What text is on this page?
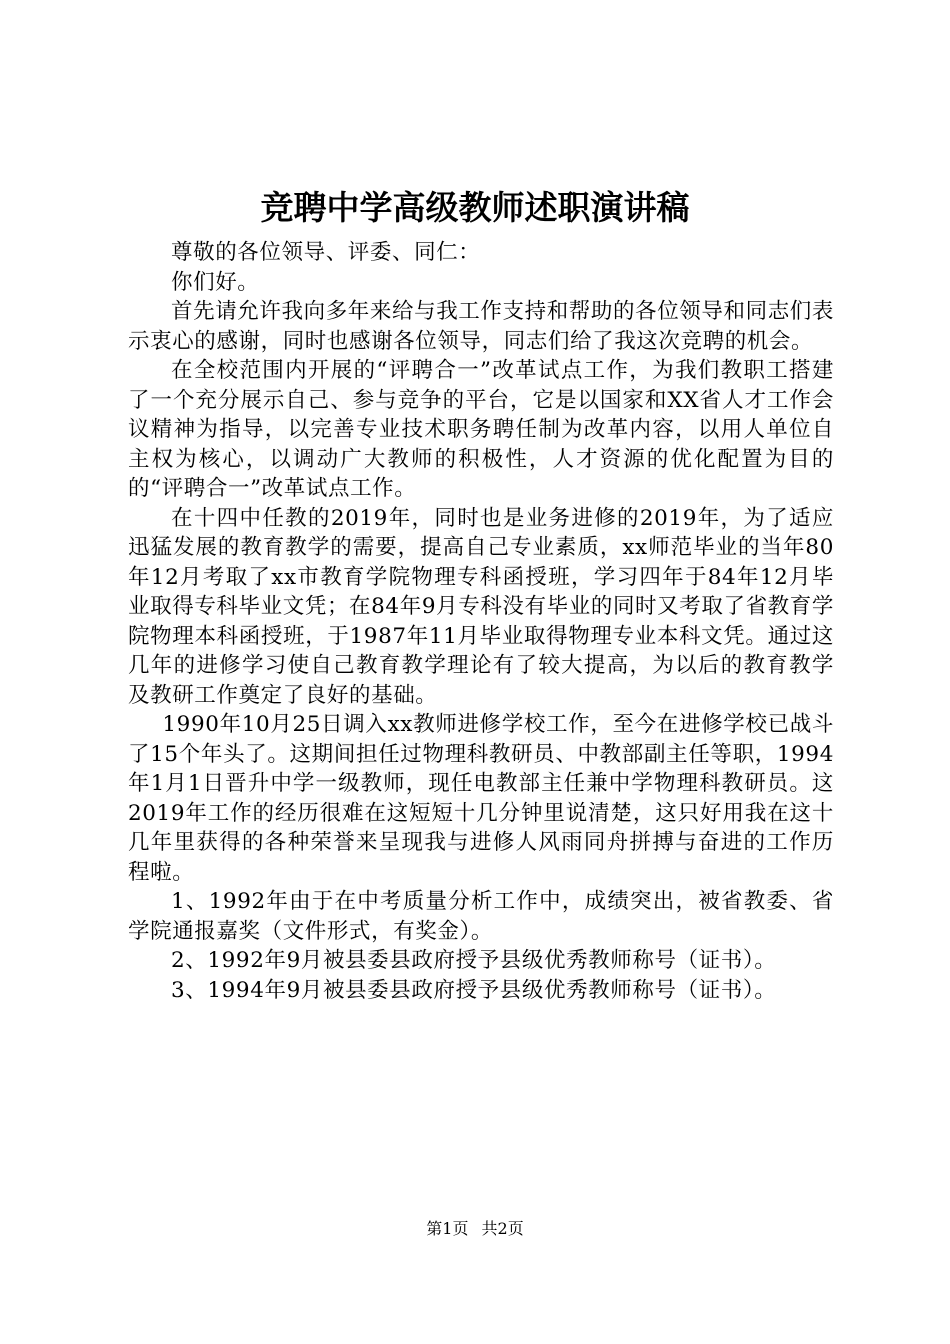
竞聘中学高级教师述职演讲稿

尊敬的各位领导、评委、同仁：

你们好。

首先请允许我向多年来给与我工作支持和帮助的各位领导和同志们表示衷心的感谢，同时也感谢各位领导，同志们给了我这次竞聘的机会。

在全校范围内开展的“评聘合一”改革试点工作，为我们教职工搭建了一个充分展示自己、参与竞争的平台，它是以国家和XX省人才工作会议精神为指导，以完善专业技术职务聘任制为改革内容，以用人单位自主权为核心，以调动广大教师的积极性，人才资源的优化配置为目的的“评聘合一”改革试点工作。

在十四中任教的2019年，同时也是业务进修的2019年，为了适应迅猛发展的教育教学的需要，提高自己专业素质，xx师范毕业的当年80年12月考取了xx市教育学院物理专科函授班，学习四年于84年12月毕业取得专科毕业文凭；在84年9月专科没有毕业的同时又考取了省教育学院物理本科函授班，于1987年11月毕业取得物理专业本科文凭。通过这几年的进修学习使自己教育教学理论有了较大提高，为以后的教育教学及教研工作奠定了良好的基础。

1990年10月25日调入xx教师进修学校工作，至今在进修学校已战斗了15个年头了。这期间担任过物理科教研员、中教部副主任等职，1994年1月1日晋升中学一级教师，现任电教部主任兼中学物理科教研员。这2019年工作的经历很难在这短短十几分钟里说清楚，这只好用我在这十几年里获得的各种荣誉来呈现我与进修人风雨同舟拼搏与奋进的工作历程啦。

1、1992年由于在中考质量分析工作中，成绩突出，被省教委、省学院通报嘉奖（文件形式，有奖金）。

2、1992年9月被县委县政府授予县级优秀教师称号（证书）。

3、1994年9月被县委县政府授予县级优秀教师称号（证书）。

第1页 共2页
